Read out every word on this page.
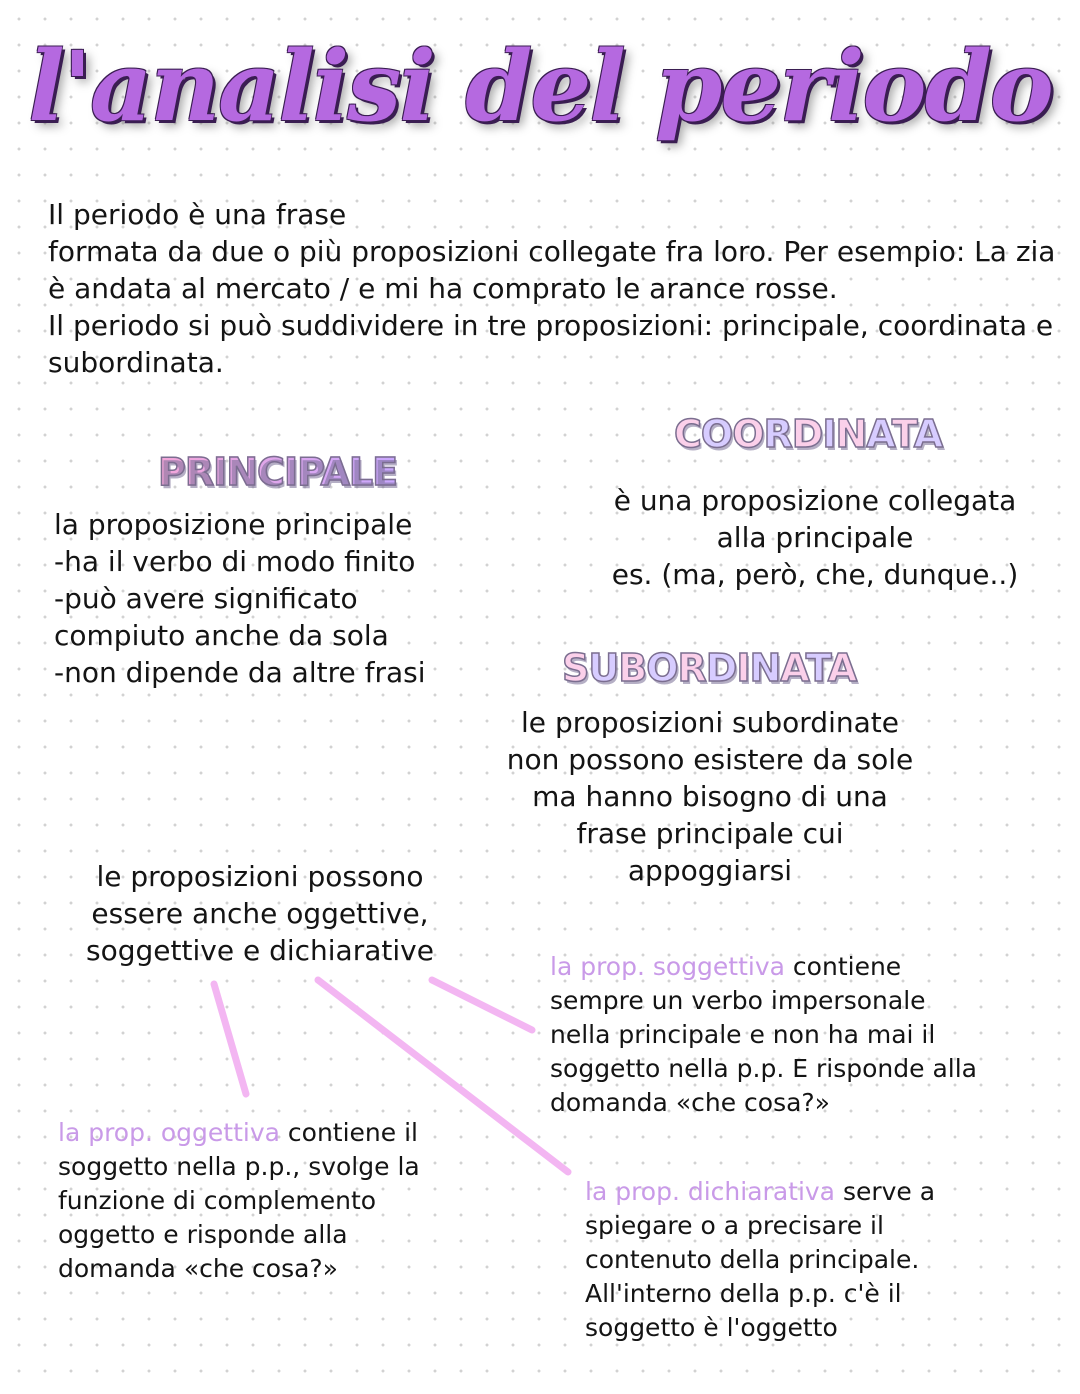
l'analisi del periodo

Il periodo è una frase

formata da due o più proposizioni collegate fra loro. Per esempio: La zia è andata al mercato / e mi ha comprato le arance rosse.

Il periodo si può suddividere in tre proposizioni: principale, coordinata e subordinata.

PRINCIPALE

la proposizione principale

-ha il verbo di modo finito

-può avere significato

compiuto anche da sola

-non dipende da altre frasi

COORDINATA

è una proposizione collegata

alla principale

es. (ma, però, che, dunque..)

SUBORDINATA

le proposizioni subordinate

non possono esistere da sole

ma hanno bisogno di una

frase principale cui

appoggiarsi

le proposizioni possono

essere anche oggettive,

soggettive e dichiarative	la prop. soggettiva contiene

sempre un verbo impersonale

nella principale e non ha mai il

soggetto nella p.p. E risponde alla

domanda «che cosa?»

la prop. oggettiva contiene il

soggetto nella p.p., svolge la

funzione di complemento

oggetto e risponde alla

domanda «che cosa?»

la prop. dichiarativa serve a

spiegare o a precisare il

contenuto della principale.

All'interno della p.p. c'è il

soggetto è l'oggetto
